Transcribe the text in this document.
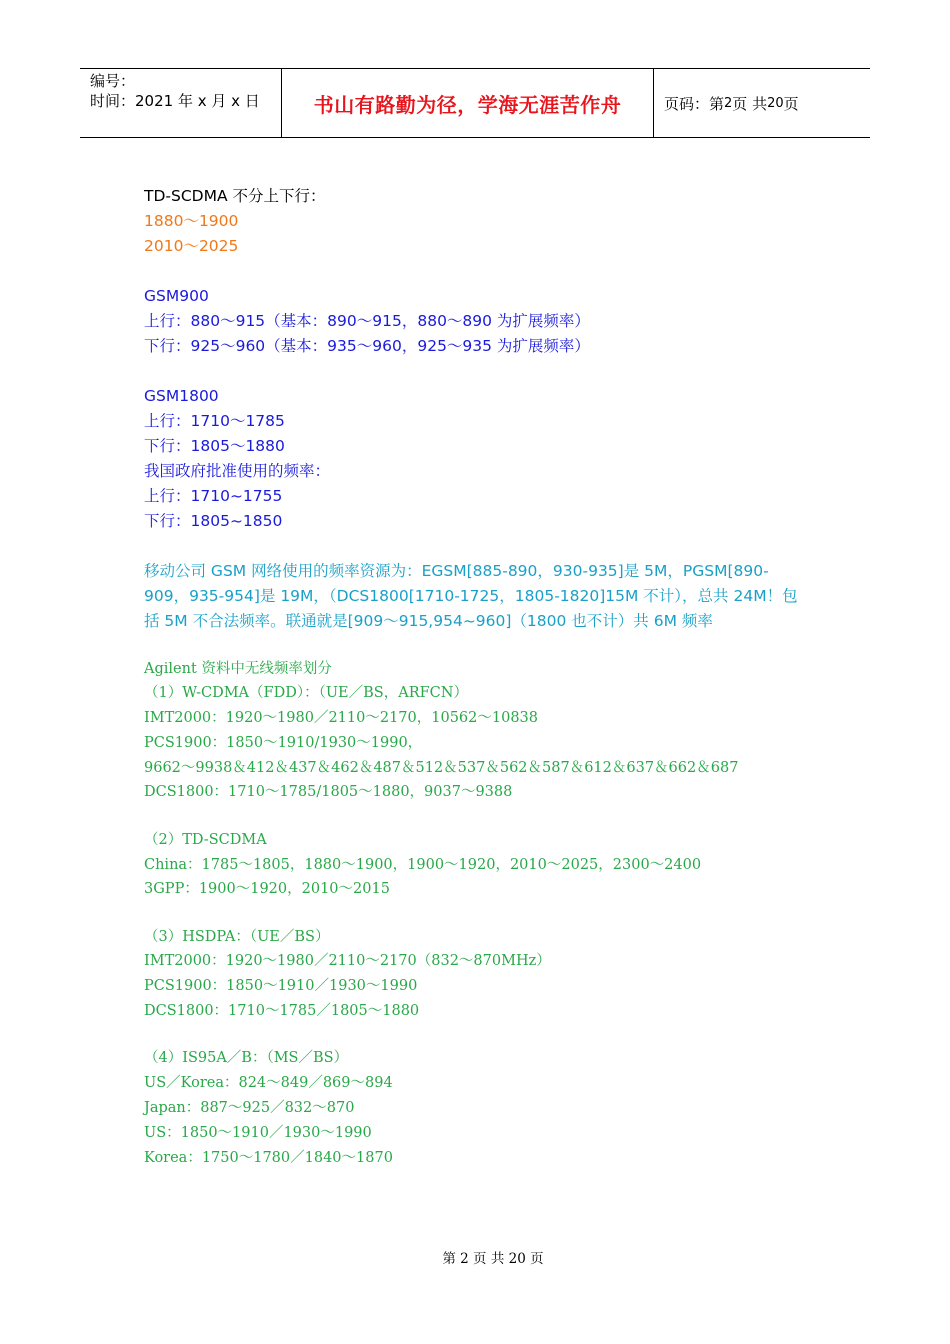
编号：
时间：2021 年 x 月 x 日	书山有路勤为径，学海无涯苦作舟	页码：第 2 页 共 20 页
TD-SCDMA 不分上下行：
1880～1900
2010～2025
GSM900
上行：880～915（基本：890～915，880～890 为扩展频率）
下行：925～960（基本：935～960，925～935 为扩展频率）
GSM1800
上行：1710～1785
下行：1805～1880
我国政府批准使用的频率：
上行：1710~1755
下行：1805~1850
移动公司 GSM 网络使用的频率资源为：EGSM[885-890，930-935]是 5M，PGSM[890-
909，935-954]是 19M，（DCS1800[1710-1725，1805-1820]15M 不计），总共 24M！包
括 5M 不合法频率。联通就是[909～915,954~960]（1800 也不计）共 6M 频率
Agilent 资料中无线频率划分
（1）W-CDMA（FDD）：（UE／BS，ARFCN）
IMT2000：1920～1980／2110～2170，10562～10838
PCS1900：1850～1910/1930～1990，
9662～9938＆412＆437＆462＆487＆512＆537＆562＆587＆612＆637＆662＆687
DCS1800：1710～1785/1805～1880，9037～9388
（2）TD-SCDMA
China：1785～1805，1880～1900，1900～1920，2010～2025，2300～2400
3GPP：1900～1920，2010～2015
（3）HSDPA：（UE／BS）
IMT2000：1920～1980／2110～2170（832～870MHz）
PCS1900：1850～1910／1930～1990
DCS1800：1710～1785／1805～1880
（4）IS95A／B：（MS／BS）
US／Korea：824～849／869～894
Japan：887～925／832～870
US：1850～1910／1930～1990
Korea：1750～1780／1840～1870
第 2 页 共 20 页
